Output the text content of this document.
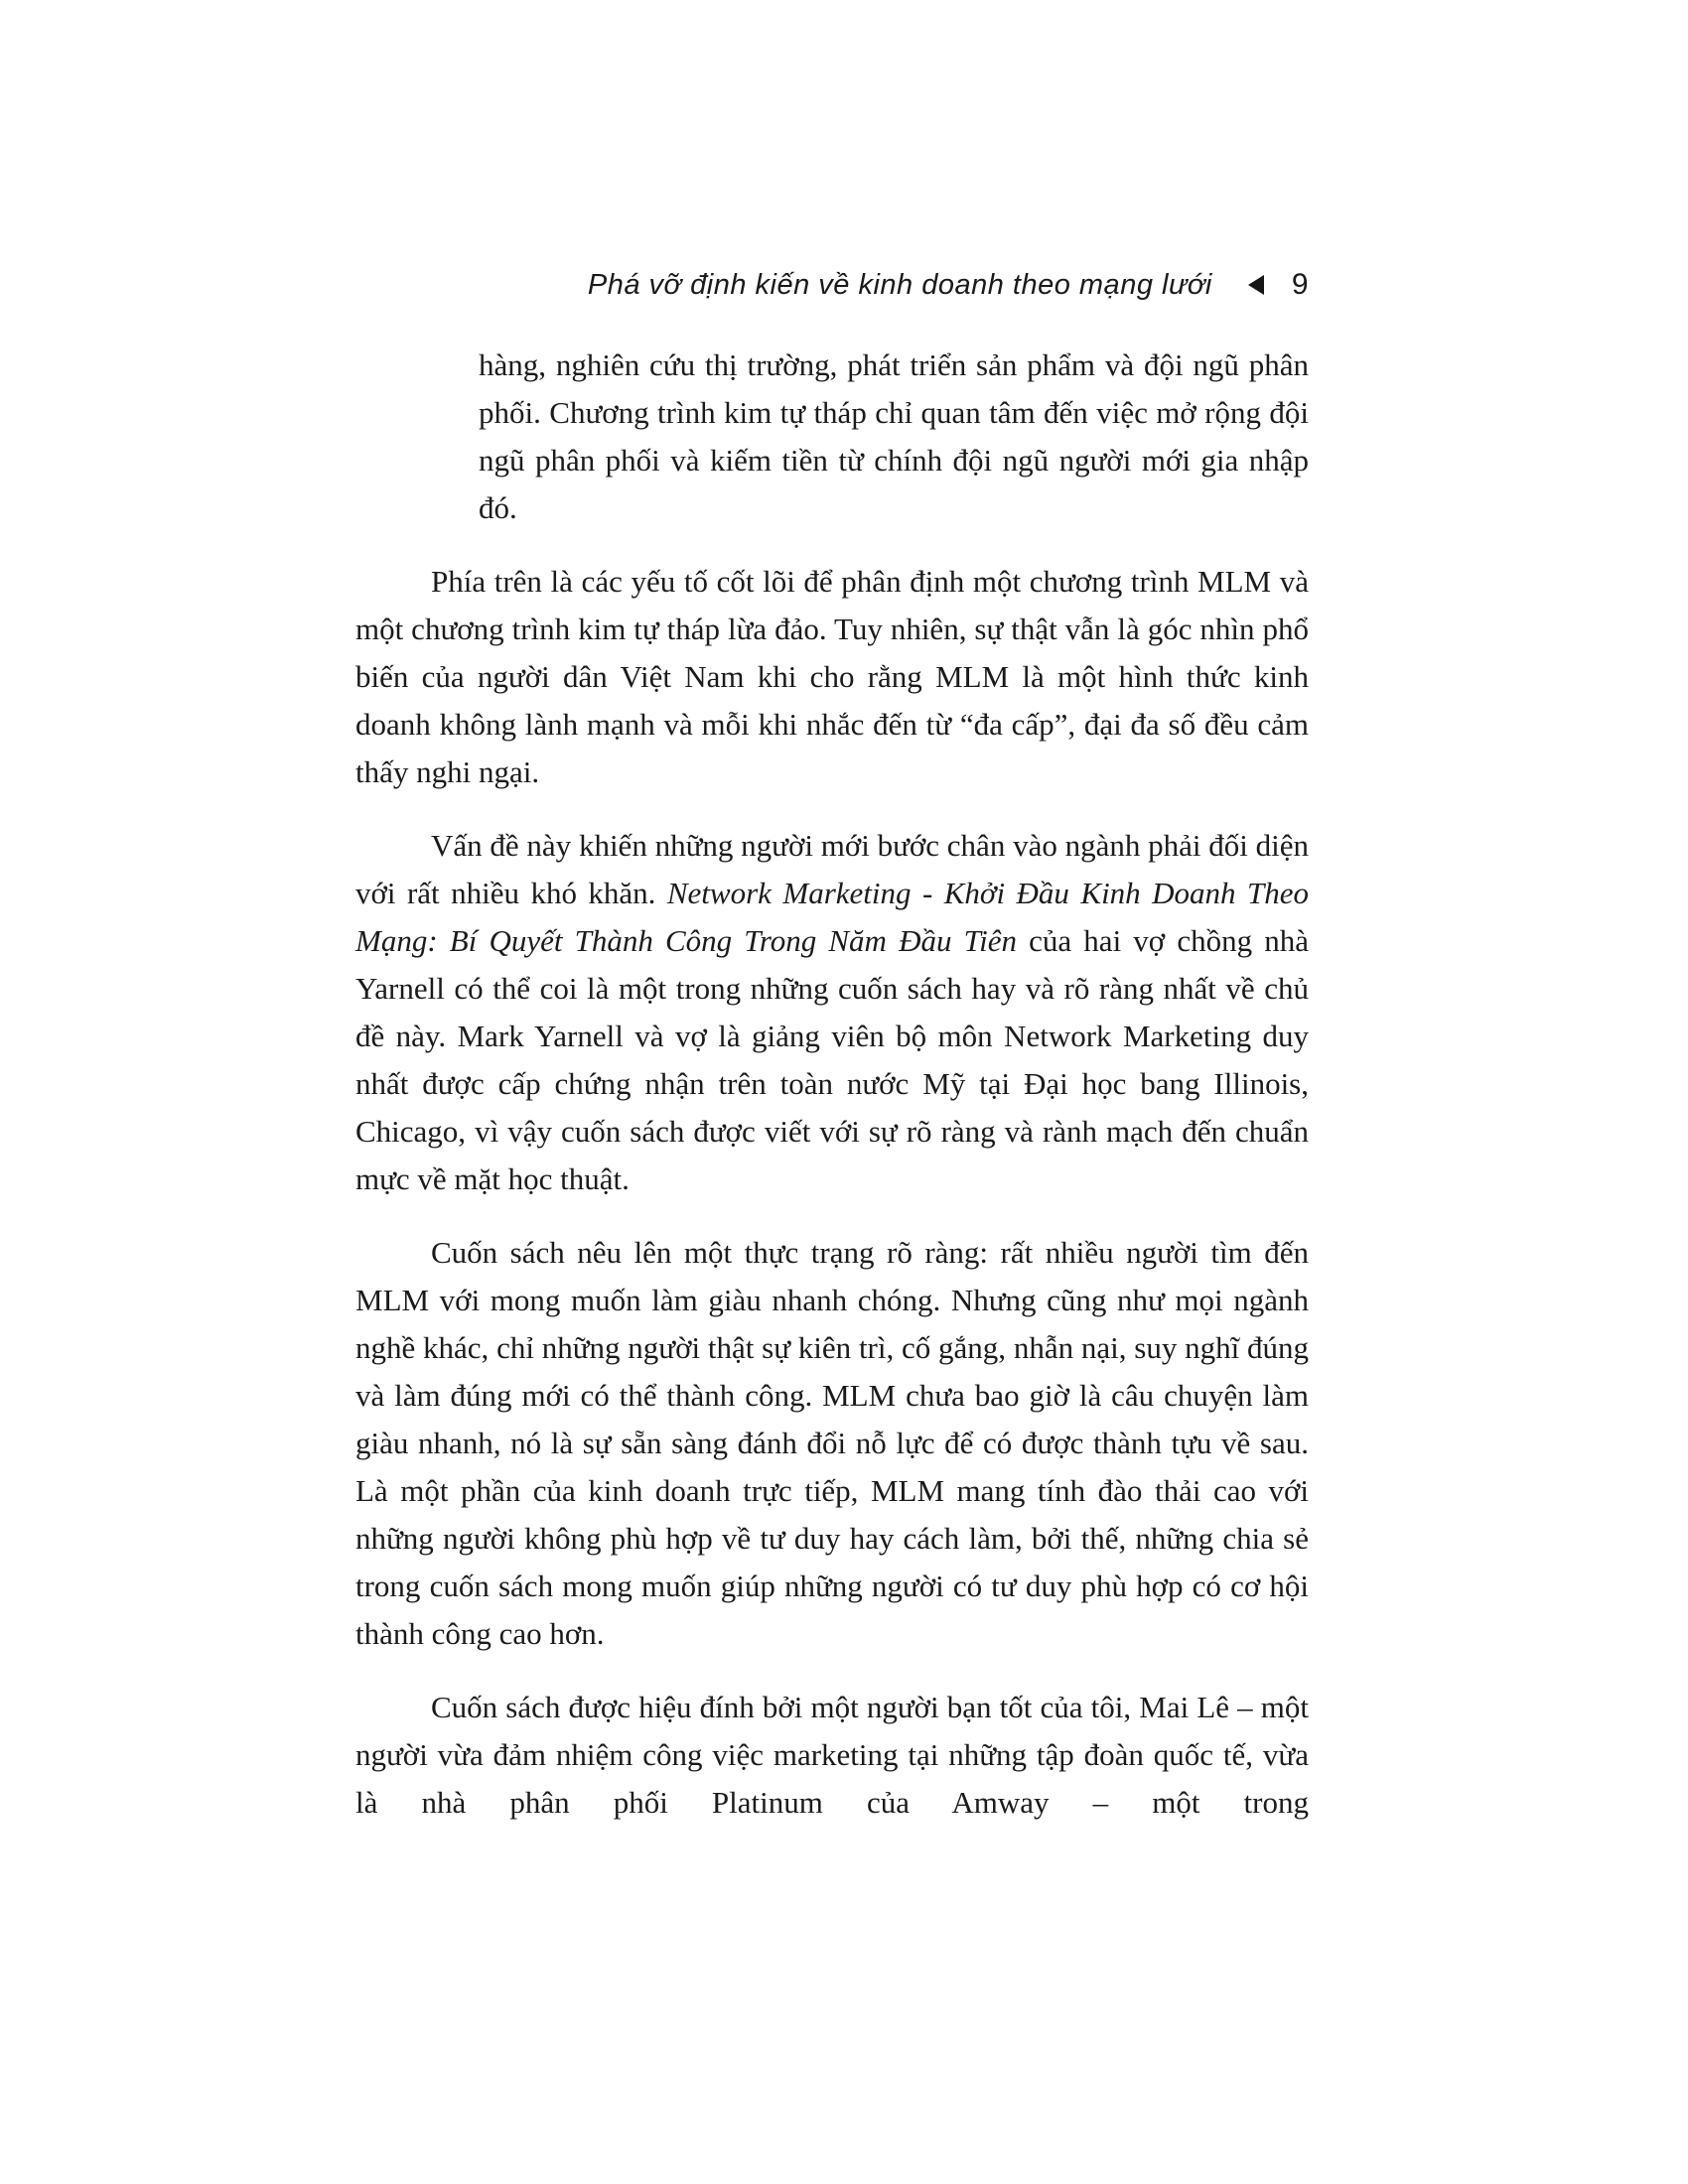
Phá vỡ định kiến về kinh doanh theo mạng lưới	9

hàng, nghiên cứu thị trường, phát triển sản phẩm và đội ngũ phân phối. Chương trình kim tự tháp chỉ quan tâm đến việc mở rộng đội ngũ phân phối và kiếm tiền từ chính đội ngũ người mới gia nhập đó.

Phía trên là các yếu tố cốt lõi để phân định một chương trình MLM và một chương trình kim tự tháp lừa đảo. Tuy nhiên, sự thật vẫn là góc nhìn phổ biến của người dân Việt Nam khi cho rằng MLM là một hình thức kinh doanh không lành mạnh và mỗi khi nhắc đến từ “đa cấp”, đại đa số đều cảm thấy nghi ngại.

Vấn đề này khiến những người mới bước chân vào ngành phải đối diện với rất nhiều khó khăn. Network Marketing - Khởi Đầu Kinh Doanh Theo Mạng: Bí Quyết Thành Công Trong Năm Đầu Tiên của hai vợ chồng nhà Yarnell có thể coi là một trong những cuốn sách hay và rõ ràng nhất về chủ đề này. Mark Yarnell và vợ là giảng viên bộ môn Network Marketing duy nhất được cấp chứng nhận trên toàn nước Mỹ tại Đại học bang Illinois, Chicago, vì vậy cuốn sách được viết với sự rõ ràng và rành mạch đến chuẩn mực về mặt học thuật.

Cuốn sách nêu lên một thực trạng rõ ràng: rất nhiều người tìm đến MLM với mong muốn làm giàu nhanh chóng. Nhưng cũng như mọi ngành nghề khác, chỉ những người thật sự kiên trì, cố gắng, nhẫn nại, suy nghĩ đúng và làm đúng mới có thể thành công. MLM chưa bao giờ là câu chuyện làm giàu nhanh, nó là sự sẵn sàng đánh đổi nỗ lực để có được thành tựu về sau. Là một phần của kinh doanh trực tiếp, MLM mang tính đào thải cao với những người không phù hợp về tư duy hay cách làm, bởi thế, những chia sẻ trong cuốn sách mong muốn giúp những người có tư duy phù hợp có cơ hội thành công cao hơn.

Cuốn sách được hiệu đính bởi một người bạn tốt của tôi, Mai Lê – một người vừa đảm nhiệm công việc marketing tại những tập đoàn quốc tế, vừa là nhà phân phối Platinum của Amway – một trong
